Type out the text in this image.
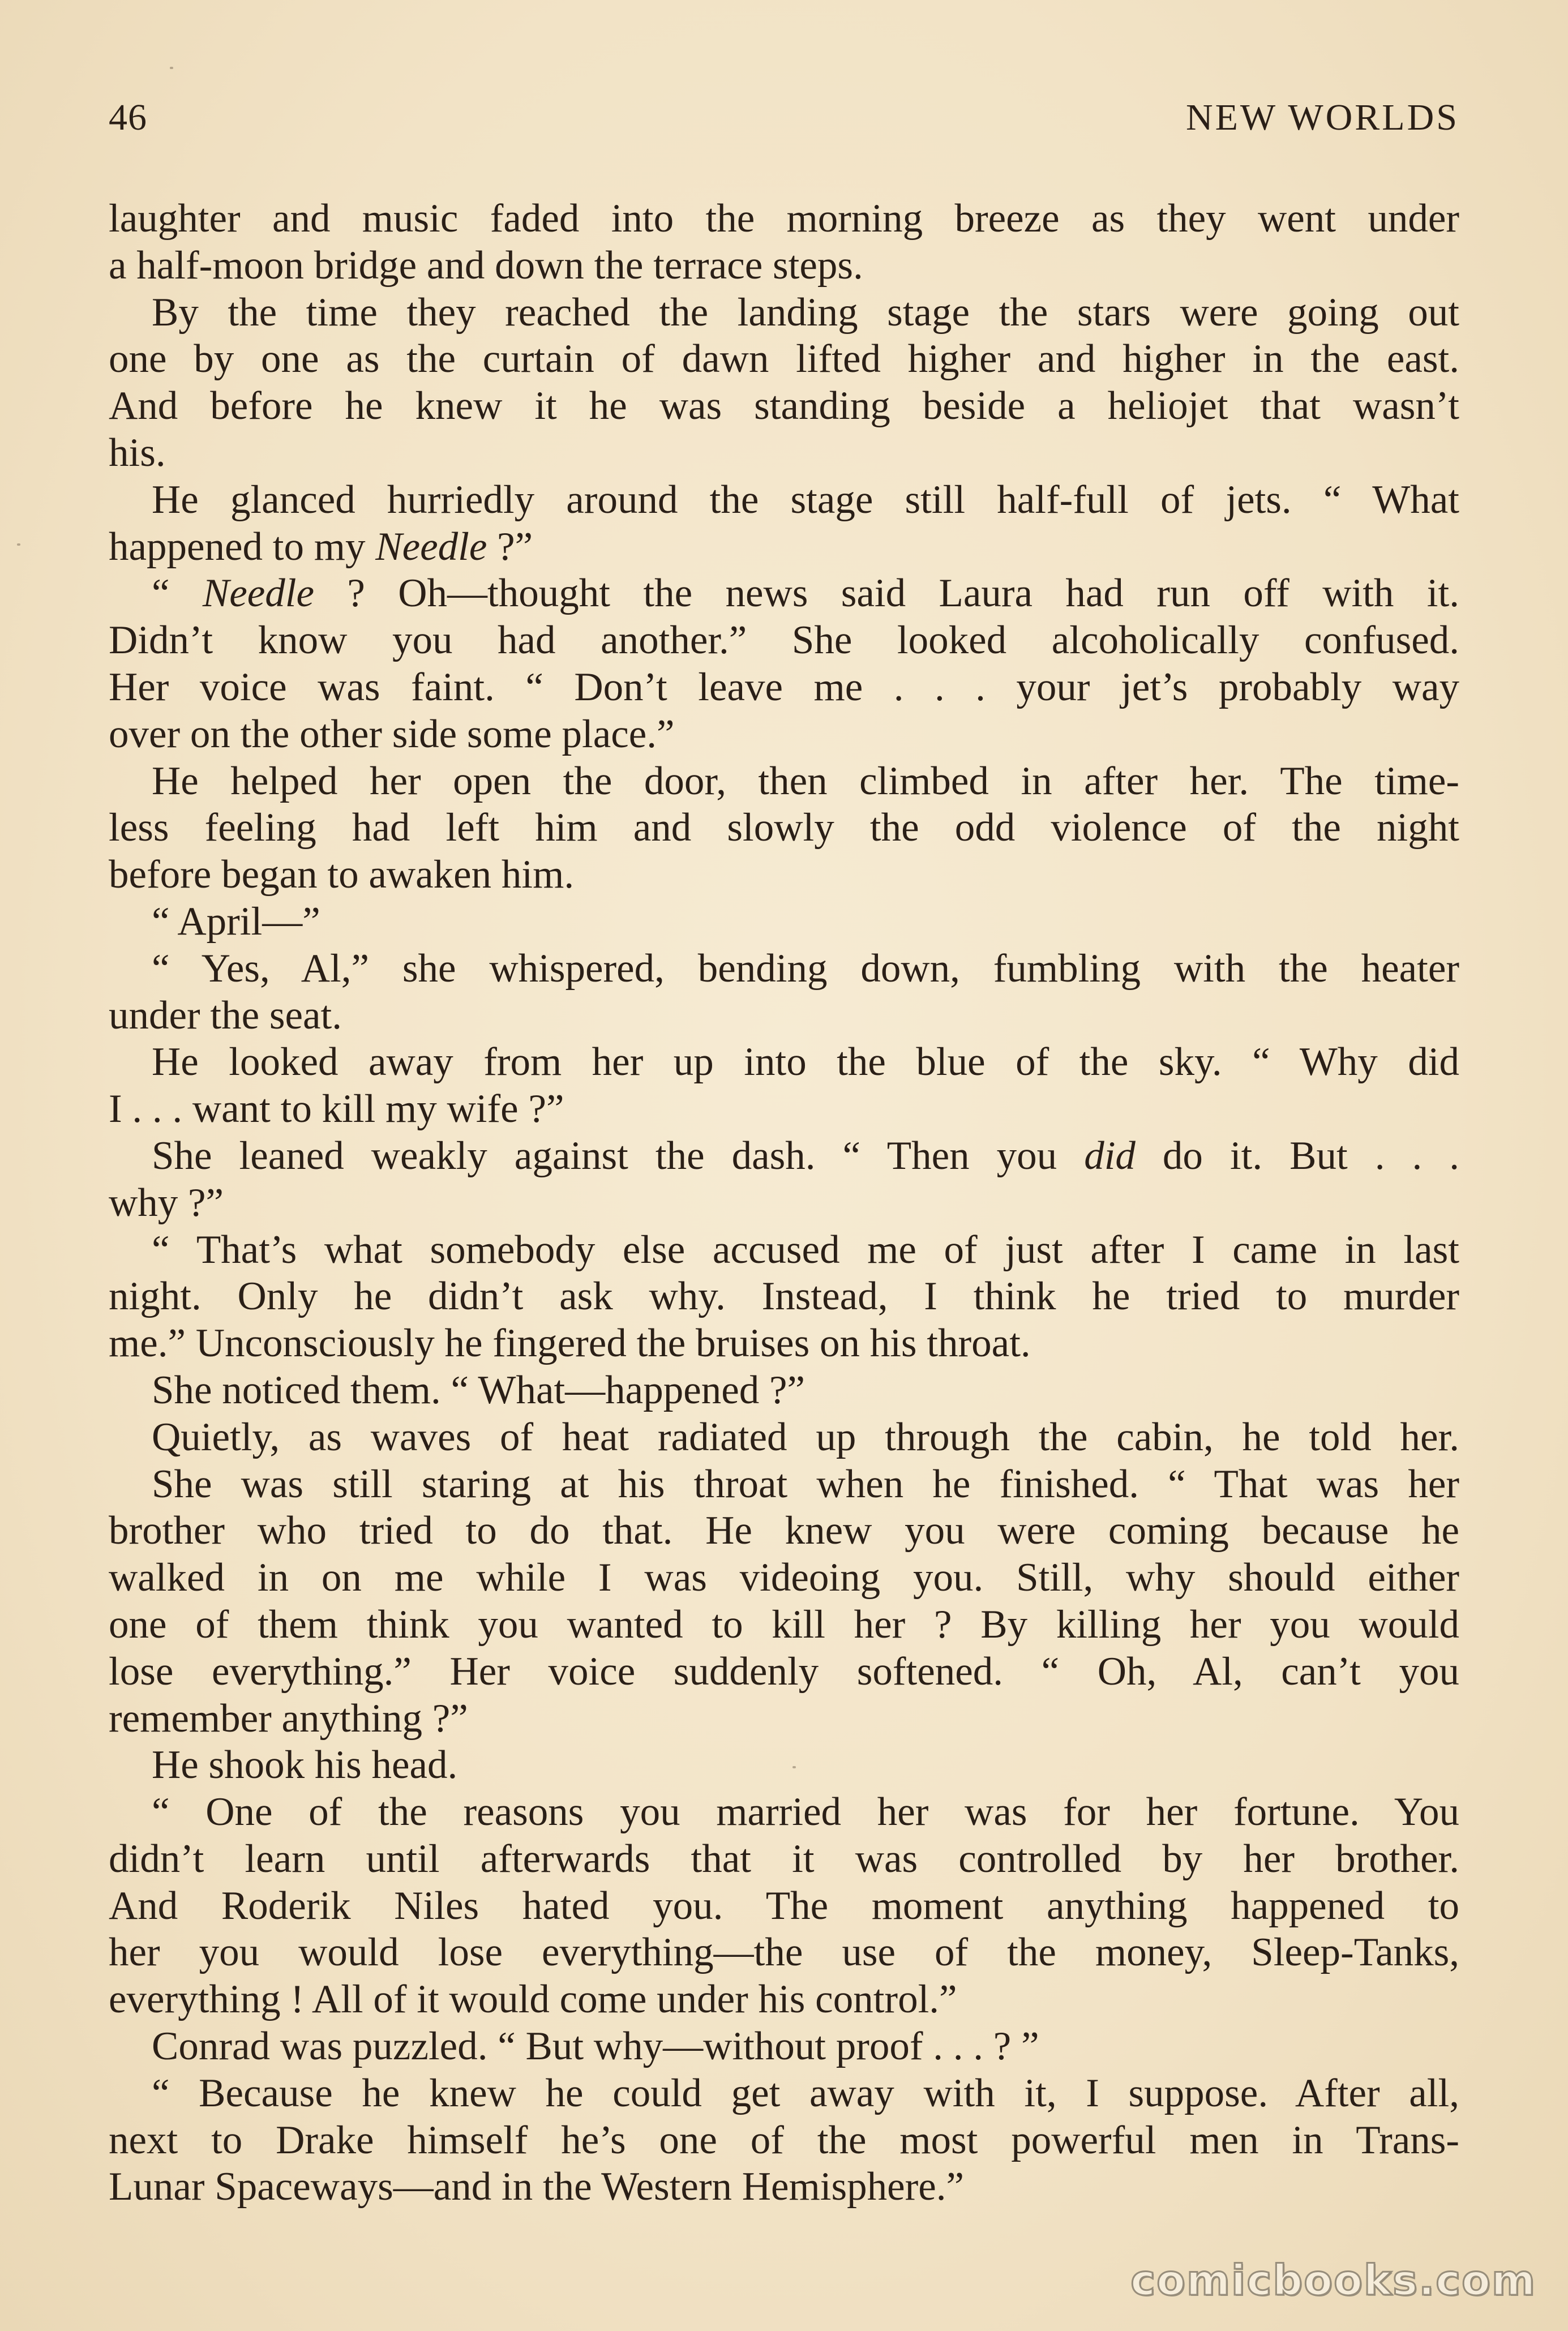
46	NEW WORLDS
laughter and music faded into the morning breeze as they went under
a half-moon bridge and down the terrace steps.
By the time they reached the landing stage the stars were going out
one by one as the curtain of dawn lifted higher and higher in the east.
And before he knew it he was standing beside a heliojet that wasn’t
his.
He glanced hurriedly around the stage still half-full of jets. “ What
happened to my Needle ?”
“ Needle ? Oh—thought the news said Laura had run off with it.
Didn’t know you had another.” She looked alcoholically confused.
Her voice was faint. “ Don’t leave me . . . your jet’s probably way
over on the other side some place.”
He helped her open the door, then climbed in after her. The time-
less feeling had left him and slowly the odd violence of the night
before began to awaken him.
“ April—”
“ Yes, Al,” she whispered, bending down, fumbling with the heater
under the seat.
He looked away from her up into the blue of the sky. “ Why did
I . . . want to kill my wife ?”
She leaned weakly against the dash. “ Then you did do it. But . . .
why ?”
“ That’s what somebody else accused me of just after I came in last
night. Only he didn’t ask why. Instead, I think he tried to murder
me.” Unconsciously he fingered the bruises on his throat.
She noticed them. “ What—happened ?”
Quietly, as waves of heat radiated up through the cabin, he told her.
She was still staring at his throat when he finished. “ That was her
brother who tried to do that. He knew you were coming because he
walked in on me while I was videoing you. Still, why should either
one of them think you wanted to kill her ? By killing her you would
lose everything.” Her voice suddenly softened. “ Oh, Al, can’t you
remember anything ?”
He shook his head.
“ One of the reasons you married her was for her fortune. You
didn’t learn until afterwards that it was controlled by her brother.
And Roderik Niles hated you. The moment anything happened to
her you would lose everything—the use of the money, Sleep-Tanks,
everything ! All of it would come under his control.”
Conrad was puzzled. “ But why—without proof . . . ? ”
“ Because he knew he could get away with it, I suppose. After all,
next to Drake himself he’s one of the most powerful men in Trans-
Lunar Spaceways—and in the Western Hemisphere.”
comicbooks.com
